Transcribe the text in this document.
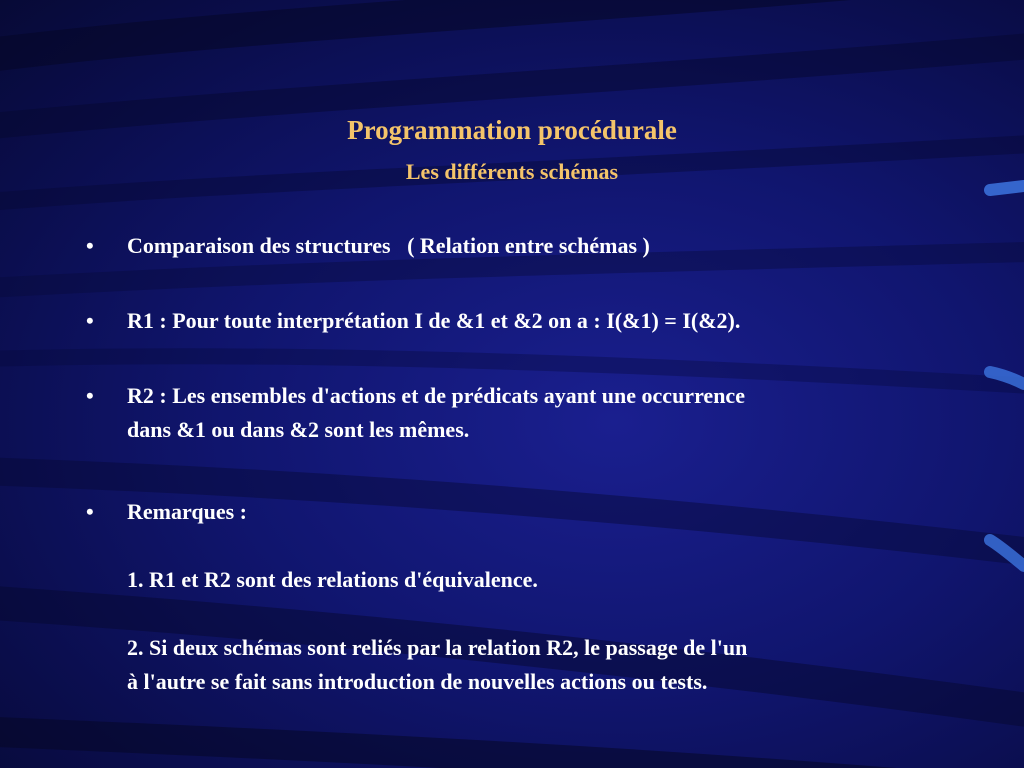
Programmation procédurale
Les différents schémas
• Comparaison des structures   ( Relation entre schémas )
• R1 : Pour toute interprétation I de &1 et &2 on a : I(&1) = I(&2).
• R2 : Les ensembles d'actions et de prédicats ayant une occurrence
dans &1 ou dans &2 sont les mêmes.
• Remarques :
1. R1 et R2 sont des relations d'équivalence.
2. Si deux schémas sont reliés par la relation R2, le passage de l'un
à l'autre se fait sans introduction de nouvelles actions ou tests.
